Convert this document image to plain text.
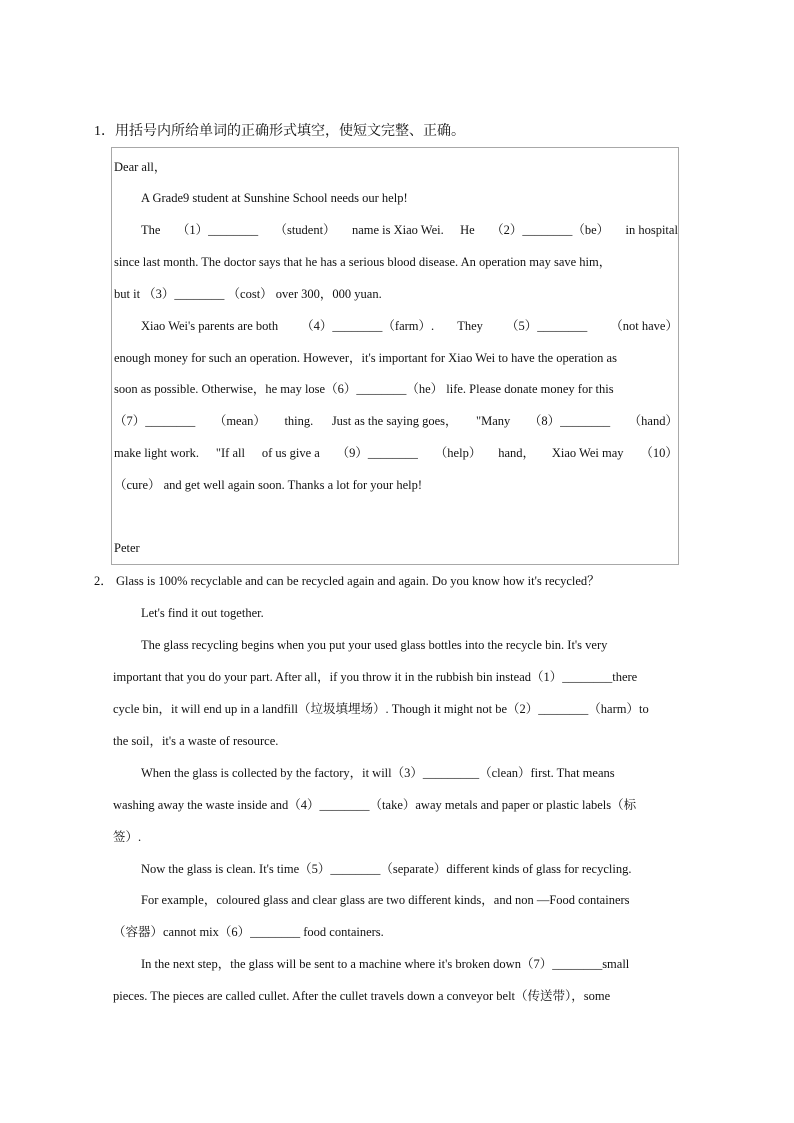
1．用括号内所给单词的正确形式填空，使短文完整、正确。
Dear all，
A Grade9 student at Sunshine School needs our help!
The （1）________ （student） name is Xiao Wei. He （2）________（be） in hospital
since last month. The doctor says that he has a serious blood disease. An operation may save him，
but it （3）________ （cost） over 300，000 yuan.
Xiao Wei's parents are both （4）________（farm）. They （5）________ （not have）
enough money for such an operation. However，it's important for Xiao Wei to have the operation as
soon as possible. Otherwise，he may lose（6）________（he） life. Please donate money for this
（7）________ （mean） thing. Just as the saying goes， "Many （8）________ （hand）
make light work. "If all of us give a （9）________ （help） hand， Xiao Wei may （10）
（cure） and get well again soon. Thanks a lot for your help!
Peter
2． Glass is 100% recyclable and can be recycled again and again. Do you know how it's recycled？
Let's find it out together.
The glass recycling begins when you put your used glass bottles into the recycle bin. It's very
important that you do your part. After all，if you throw it in the rubbish bin instead（1）________there
cycle bin，it will end up in a landfill（垃圾填埋场）. Though it might not be（2）________（harm）to
the soil，it's a waste of resource.
When the glass is collected by the factory，it will（3）_________（clean）first. That means
washing away the waste inside and（4）________（take）away metals and paper or plastic labels（标
签）.
Now the glass is clean. It's time（5）________（separate）different kinds of glass for recycling.
For example，coloured glass and clear glass are two different kinds，and non —Food containers
（容器）cannot mix（6）________ food containers.
In the next step，the glass will be sent to a machine where it's broken down（7）________small
pieces. The pieces are called cullet. After the cullet travels down a conveyor belt（传送带），some
